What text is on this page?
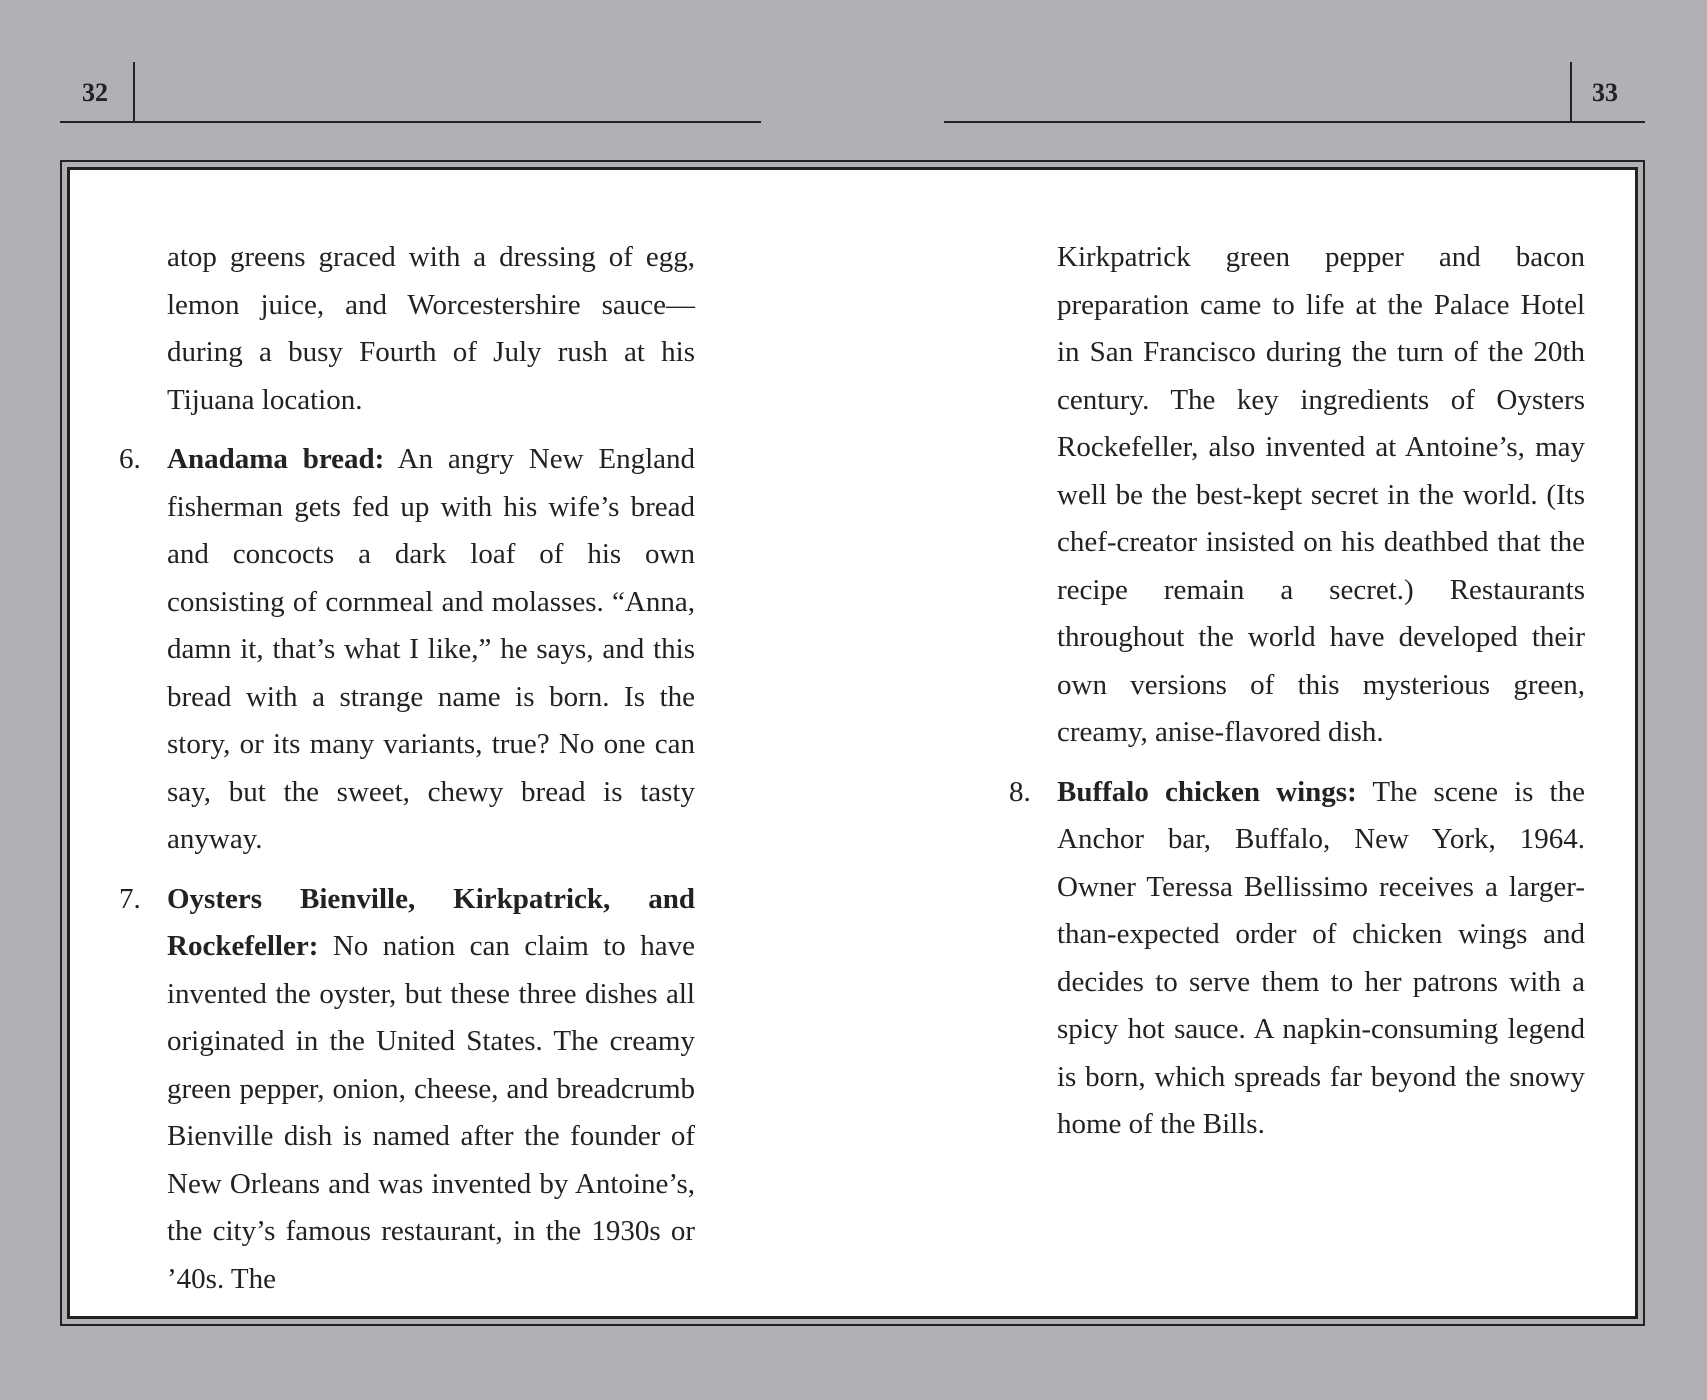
32	33

atop greens graced with a dressing of egg, lemon juice, and Worcestershire sauce—during a busy Fourth of July rush at his Tijuana location.

6. Anadama bread: An angry New England fisherman gets fed up with his wife’s bread and concocts a dark loaf of his own consisting of cornmeal and molasses. “Anna, damn it, that’s what I like,” he says, and this bread with a strange name is born. Is the story, or its many variants, true? No one can say, but the sweet, chewy bread is tasty anyway.
7. Oysters Bienville, Kirkpatrick, and Rockefeller: No nation can claim to have invented the oyster, but these three dishes all originated in the United States. The creamy green pepper, onion, cheese, and breadcrumb Bienville dish is named after the founder of New Orleans and was invented by Antoine’s, the city’s famous restaurant, in the 1930s or ’40s. The

Kirkpatrick green pepper and bacon preparation came to life at the Palace Hotel in San Francisco during the turn of the 20th century. The key ingredients of Oysters Rockefeller, also invented at Antoine’s, may well be the best-kept secret in the world. (Its chef-creator insisted on his deathbed that the recipe remain a secret.) Restaurants throughout the world have developed their own versions of this mysterious green, creamy, anise-flavored dish.

8. Buffalo chicken wings: The scene is the Anchor bar, Buffalo, New York, 1964. Owner Teressa Bellissimo receives a larger-than-expected order of chicken wings and decides to serve them to her patrons with a spicy hot sauce. A napkin-consuming legend is born, which spreads far beyond the snowy home of the Bills.
